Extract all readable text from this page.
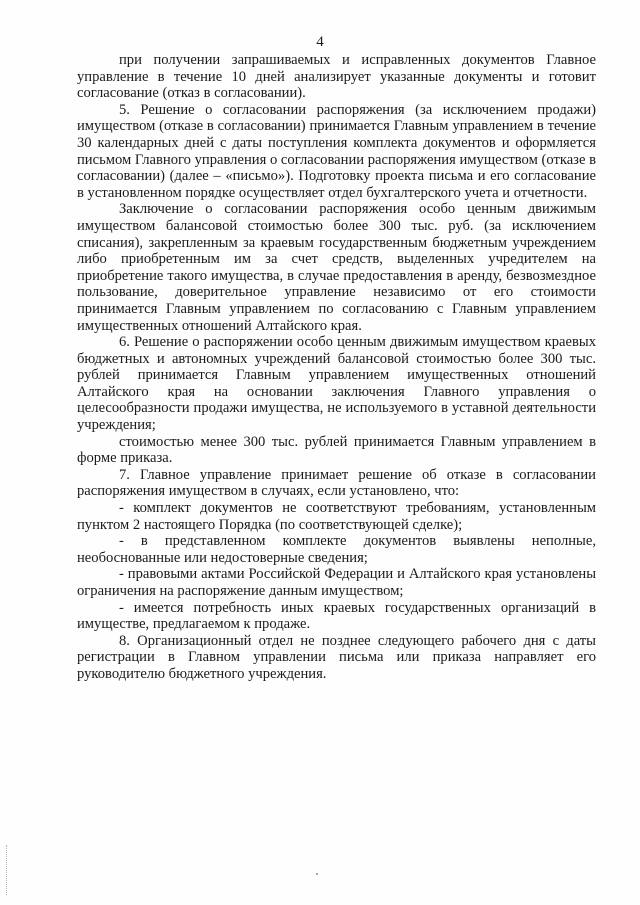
4

при получении запрашиваемых и исправленных документов Главное управление в течение 10 дней анализирует указанные документы и готовит согласование (отказ в согласовании).

5. Решение о согласовании распоряжения (за исключением продажи) имуществом (отказе в согласовании) принимается Главным управлением в течение 30 календарных дней с даты поступления комплекта документов и оформляется письмом Главного управления о согласовании распоряжения имуществом (отказе в согласовании) (далее – «письмо»). Подготовку проекта письма и его согласование в установленном порядке осуществляет отдел бухгалтерского учета и отчетности.

Заключение о согласовании распоряжения особо ценным движимым имуществом балансовой стоимостью более 300 тыс. руб. (за исключением списания), закрепленным за краевым государственным бюджетным учреждением либо приобретенным им за счет средств, выделенных учредителем на приобретение такого имущества, в случае предоставления в аренду, безвозмездное пользование, доверительное управление независимо от его стоимости принимается Главным управлением по согласованию с Главным управлением имущественных отношений Алтайского края.

6. Решение о распоряжении особо ценным движимым имуществом краевых бюджетных и автономных учреждений балансовой стоимостью более 300 тыс. рублей принимается Главным управлением имущественных отношений Алтайского края на основании заключения Главного управления о целесообразности продажи имущества, не используемого в уставной деятельности учреждения;

стоимостью менее 300 тыс. рублей принимается Главным управлением в форме приказа.

7. Главное управление принимает решение об отказе в согласовании распоряжения имуществом в случаях, если установлено, что:

- комплект документов не соответствуют требованиям, установленным пунктом 2 настоящего Порядка (по соответствующей сделке);

- в представленном комплекте документов выявлены неполные, необоснованные или недостоверные сведения;

- правовыми актами Российской Федерации и Алтайского края установлены ограничения на распоряжение данным имуществом;

- имеется потребность иных краевых государственных организаций в имуществе, предлагаемом к продаже.

8. Организационный отдел не позднее следующего рабочего дня с даты регистрации в Главном управлении письма или приказа направляет его руководителю бюджетного учреждения.
